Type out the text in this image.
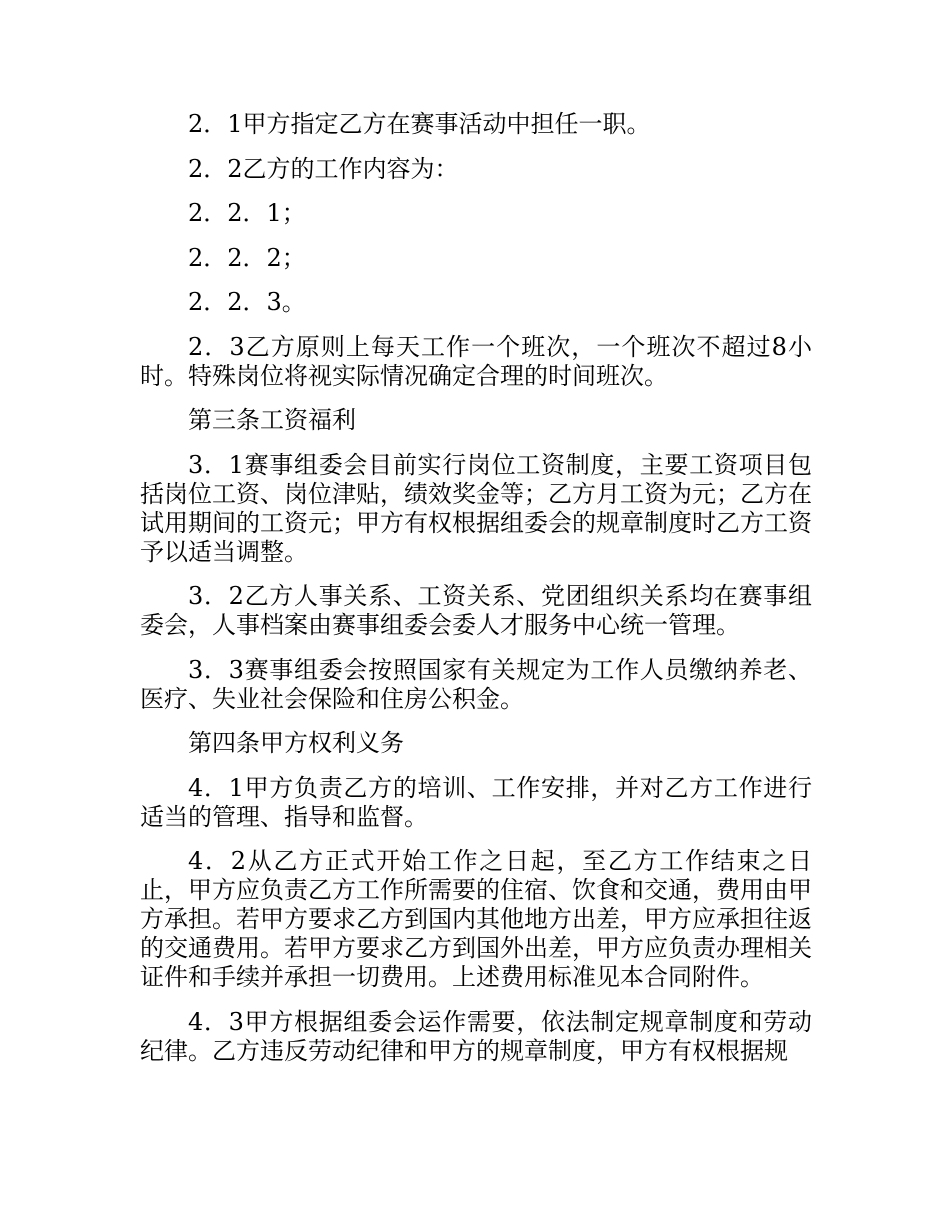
2．1甲方指定乙方在赛事活动中担任一职。

2．2乙方的工作内容为：

2．2．1；

2．2．2；

2．2．3。

2．3乙方原则上每天工作一个班次，一个班次不超过8小时。特殊岗位将视实际情况确定合理的时间班次。

第三条工资福利

3．1赛事组委会目前实行岗位工资制度，主要工资项目包括岗位工资、岗位津贴，绩效奖金等；乙方月工资为元；乙方在试用期间的工资元；甲方有权根据组委会的规章制度时乙方工资予以适当调整。

3．2乙方人事关系、工资关系、党团组织关系均在赛事组委会，人事档案由赛事组委会委人才服务中心统一管理。

3．3赛事组委会按照国家有关规定为工作人员缴纳养老、医疗、失业社会保险和住房公积金。

第四条甲方权利义务

4．1甲方负责乙方的培训、工作安排，并对乙方工作进行适当的管理、指导和监督。

4．2从乙方正式开始工作之日起，至乙方工作结束之日止，甲方应负责乙方工作所需要的住宿、饮食和交通，费用由甲方承担。若甲方要求乙方到国内其他地方出差，甲方应承担往返的交通费用。若甲方要求乙方到国外出差，甲方应负责办理相关证件和手续并承担一切费用。上述费用标准见本合同附件。

4．3甲方根据组委会运作需要，依法制定规章制度和劳动纪律。乙方违反劳动纪律和甲方的规章制度，甲方有权根据规
